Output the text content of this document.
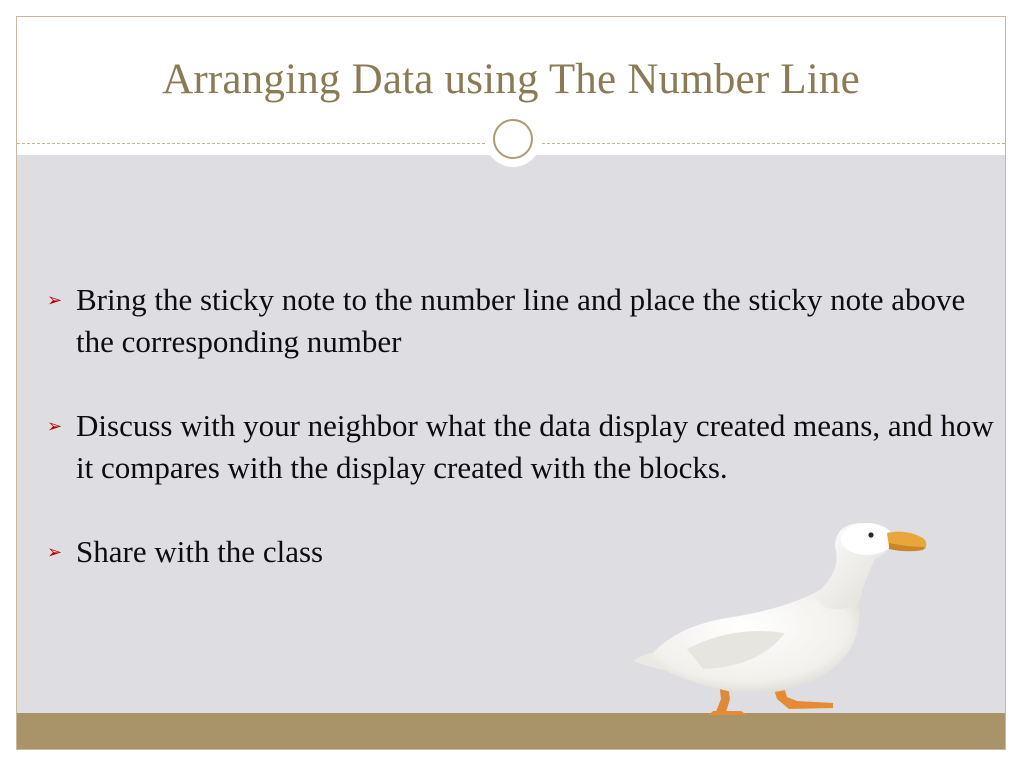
Arranging Data using The Number Line
➢ Bring the sticky note to the number line and place the sticky note above the corresponding number
➢ Discuss with your neighbor what the data display created means, and how it compares with the display created with the blocks.
➢ Share with the class
